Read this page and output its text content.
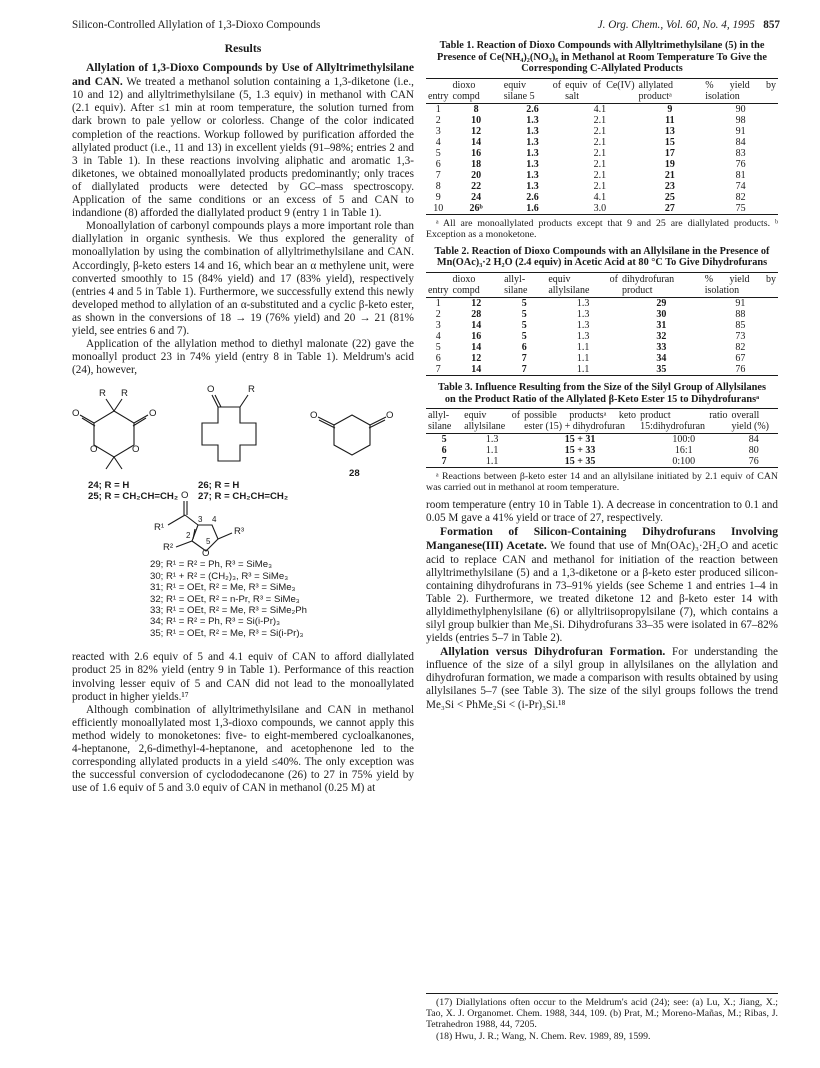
Silicon-Controlled Allylation of 1,3-Dioxo Compounds	J. Org. Chem., Vol. 60, No. 4, 1995 857
Results

Allylation of 1,3-Dioxo Compounds by Use of Allyltrimethylsilane and CAN. We treated a methanol solution containing a 1,3-diketone (i.e., 10 and 12) and allyltrimethylsilane (5, 1.3 equiv) in methanol with CAN (2.1 equiv). After ≤1 min at room temperature, the solution turned from dark brown to pale yellow or colorless. Change of the color indicated completion of the reactions. Workup followed by purification afforded the allylated product (i.e., 11 and 13) in excellent yields (91–98%; entries 2 and 3 in Table 1). In these reactions involving aliphatic and aromatic 1,3-diketones, we obtained monoallylated products predominantly; only traces of diallylated products were detected by GC–mass spectroscopy. Application of the same conditions or an excess of 5 and CAN to indandione (8) afforded the diallylated product 9 (entry 1 in Table 1).

Monoallylation of carbonyl compounds plays a more important role than diallylation in organic synthesis. We thus explored the generality of monoallylation by using the combination of allyltrimethylsilane and CAN. Accordingly, β-keto esters 14 and 16, which bear an α methylene unit, were converted smoothly to 15 (84% yield) and 17 (83% yield), respectively (entries 4 and 5 in Table 1). Furthermore, we successfully extend this newly developed method to allylation of an α-substituted and a cyclic β-keto ester, as shown in the conversions of 18 → 19 (76% yield) and 20 → 21 (81% yield, see entries 6 and 7).

Application of the allylation method to diethyl malonate (22) gave the monoallyl product 23 in 74% yield (entry 8 in Table 1). Meldrum's acid (24), however,

R R
O	O
O	O
O	R
O	O
24; R = H
25; R = CH₂CH=CH₂
26; R = H
27; R = CH₂CH=CH₂
28
O
R¹
R²
R³
O
3 4
2
5
29; R¹ = R² = Ph, R³ = SiMe₃
30; R¹ + R² = (CH₂)₃, R³ = SiMe₃
31; R¹ = OEt, R² = Me, R³ = SiMe₃
32; R¹ = OEt, R² = n-Pr, R³ = SiMe₃
33; R¹ = OEt, R² = Me, R³ = SiMe₂Ph
34; R¹ = R² = Ph, R³ = Si(i-Pr)₃
35; R¹ = OEt, R² = Me, R³ = Si(i-Pr)₃

reacted with 2.6 equiv of 5 and 4.1 equiv of CAN to afford diallylated product 25 in 82% yield (entry 9 in Table 1). Performance of this reaction involving lesser equiv of 5 and CAN did not lead to the monoallylated product in higher yields.¹⁷

Although combination of allyltrimethylsilane and CAN in methanol efficiently monoallylated most 1,3-dioxo compounds, we cannot apply this method widely to monoketones: five- to eight-membered cycloalkanones, 4-heptanone, 2,6-dimethyl-4-heptanone, and acetophenone led to the corresponding allylated products in a yield ≤40%. The only exception was the successful conversion of cyclododecanone (26) to 27 in 75% yield by use of 1.6 equiv of 5 and 3.0 equiv of CAN in methanol (0.25 M) at

Table 1. Reaction of Dioxo Compounds with Allyltrimethylsilane (5) in the Presence of Ce(NH₄)₂(NO₃)₆ in Methanol at Room Temperature To Give the Corresponding C-Allylated Products
entry	dioxo compd	equiv of silane 5	equiv of Ce(IV) salt	allylated productᵃ	% yield by isolation
1	8	2.6	4.1	9	90
2	10	1.3	2.1	11	98
3	12	1.3	2.1	13	91
4	14	1.3	2.1	15	84
5	16	1.3	2.1	17	83
6	18	1.3	2.1	19	76
7	20	1.3	2.1	21	81
8	22	1.3	2.1	23	74
9	24	2.6	4.1	25	82
10	26ᵇ	1.6	3.0	27	75
ᵃ All are monoallylated products except that 9 and 25 are diallylated products. ᵇ Exception as a monoketone.
Table 2. Reaction of Dioxo Compounds with an Allylsilane in the Presence of Mn(OAc)₃·2 H₂O (2.4 equiv) in Acetic Acid at 80 °C To Give Dihydrofurans
entry	dioxo compd	allyl-silane	equiv of allylsilane	dihydrofuran product	% yield by isolation
1	12	5	1.3	29	91
2	28	5	1.3	30	88
3	14	5	1.3	31	85
4	16	5	1.3	32	73
5	14	6	1.1	33	82
6	12	7	1.1	34	67
7	14	7	1.1	35	76
Table 3. Influence Resulting from the Size of the Silyl Group of Allylsilanes on the Product Ratio of the Allylated β-Keto Ester 15 to Dihydrofuransᵃ
allyl-silane	equiv of allylsilane	possible productsᵃ keto ester (15) + dihydrofuran	product ratio 15:dihydrofuran	overall yield (%)
5	1.3	15 + 31	100:0	84
6	1.1	15 + 33	16:1	80
7	1.1	15 + 35	0:100	76
ᵃ Reactions between β-keto ester 14 and an allylsilane initiated by 2.1 equiv of CAN was carried out in methanol at room temperature.

room temperature (entry 10 in Table 1). A decrease in concentration to 0.1 and 0.05 M gave a 41% yield or trace of 27, respectively.

Formation of Silicon-Containing Dihydrofurans Involving Manganese(III) Acetate. We found that use of Mn(OAc)₃·2H₂O and acetic acid to replace CAN and methanol for initiation of the reaction between allyltrimethylsilane (5) and a 1,3-diketone or a β-keto ester produced silicon-containing dihydrofurans in 73–91% yields (see Scheme 1 and entries 1–4 in Table 2). Furthermore, we treated diketone 12 and β-keto ester 14 with allyldimethylphenylsilane (6) or allyltriisopropylsilane (7), which contains a silyl group bulkier than Me₃Si. Dihydrofurans 33–35 were isolated in 67–82% yields (entries 5–7 in Table 2).

Allylation versus Dihydrofuran Formation. For understanding the influence of the size of a silyl group in allylsilanes on the allylation and dihydrofuran formation, we made a comparison with results obtained by using allylsilanes 5–7 (see Table 3). The size of the silyl groups follows the trend Me₃Si < PhMe₂Si < (i-Pr)₃Si.¹⁸

(17) Diallylations often occur to the Meldrum's acid (24); see: (a) Lu, X.; Jiang, X.; Tao, X. J. Organomet. Chem. 1988, 344, 109. (b) Prat, M.; Moreno-Mañas, M.; Ribas, J. Tetrahedron 1988, 44, 7205.
(18) Hwu, J. R.; Wang, N. Chem. Rev. 1989, 89, 1599.
